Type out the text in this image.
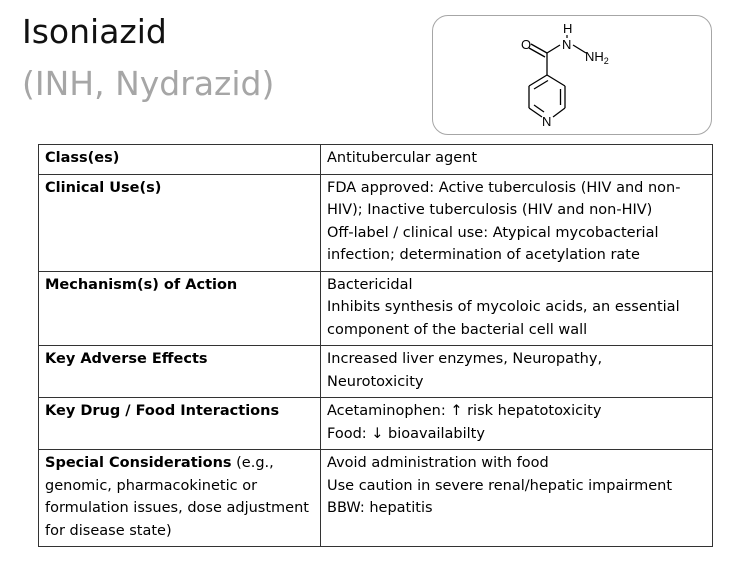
Isoniazid
(INH, Nydrazid)
O N
H
$NH_2$
N
Class(es)	Antitubercular agent

Clinical Use(s)	FDA approved: Active tuberculosis (HIV and non-
HIV); Inactive tuberculosis (HIV and non-HIV)
Off-label / clinical use: Atypical mycobacterial
infection; determination of acetylation rate

Mechanism(s) of Action	Bactericidal
Inhibits synthesis of mycoloic acids, an essential
component of the bacterial cell wall

Key Adverse Effects	Increased liver enzymes, Neuropathy,
Neurotoxicity

Key Drug / Food Interactions	Acetaminophen: ↑ risk hepatotoxicity
Food: ↓ bioavailabilty

Special Considerations (e.g., genomic, pharmacokinetic or formulation issues, dose adjustment for disease state)	Avoid administration with food
Use caution in severe renal/hepatic impairment
BBW: hepatitis
